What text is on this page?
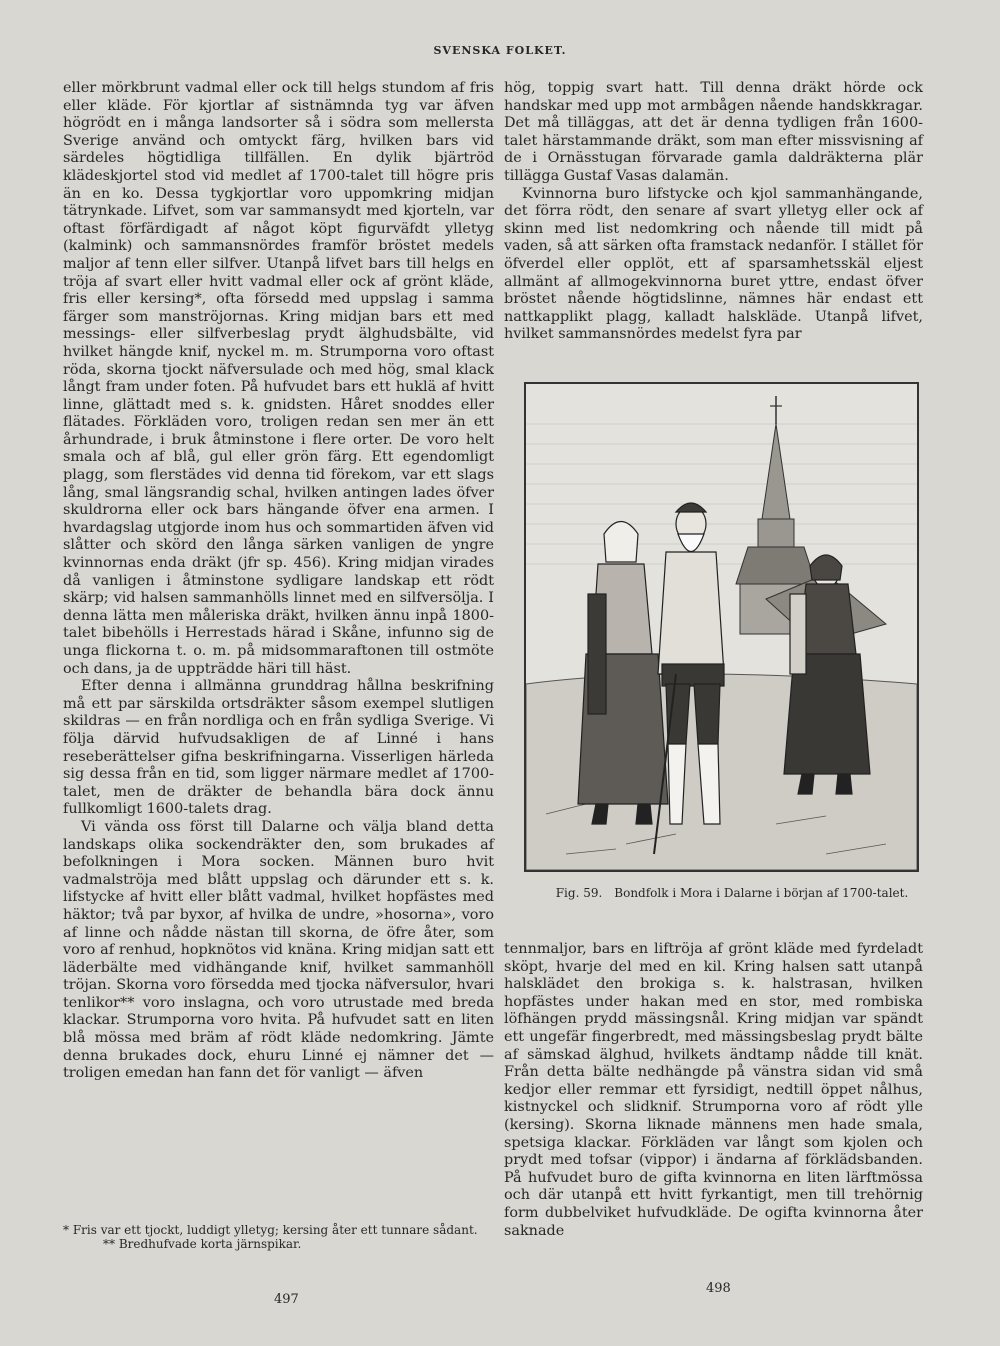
SVENSKA FOLKET.

eller mörkbrunt vadmal eller ock till helgs stundom af fris eller kläde. För kjortlar af sistnämnda tyg var äfven högrödt en i många landsorter så i södra som mellersta Sverige använd och omtyckt färg, hvilken bars vid särdeles högtidliga tillfällen. En dylik bjärtröd klädeskjortel stod vid medlet af 1700-talet till högre pris än en ko. Dessa tygkjortlar voro uppomkring midjan tätrynkade. Lifvet, som var sammansydt med kjorteln, var oftast förfärdigadt af något köpt figurväfdt ylletyg (kalmink) och sammansnördes framför bröstet medels maljor af tenn eller silfver. Utanpå lifvet bars till helgs en tröja af svart eller hvitt vadmal eller ock af grönt kläde, fris eller kersing*, ofta försedd med uppslag i samma färger som manströjornas. Kring midjan bars ett med messings- eller silfverbeslag prydt älghudsbälte, vid hvilket hängde knif, nyckel m. m. Strumporna voro oftast röda, skorna tjockt näfversulade och med hög, smal klack långt fram under foten. På hufvudet bars ett huklä af hvitt linne, glättadt med s. k. gnidsten. Håret snoddes eller flätades. Förkläden voro, troligen redan sen mer än ett århundrade, i bruk åtminstone i flere orter. De voro helt smala och af blå, gul eller grön färg. Ett egendomligt plagg, som flerstädes vid denna tid förekom, var ett slags lång, smal längsrandig schal, hvilken antingen lades öfver skuldrorna eller ock bars hängande öfver ena armen. I hvardagslag utgjorde inom hus och sommartiden äfven vid slåtter och skörd den långa särken vanligen de yngre kvinnornas enda dräkt (jfr sp. 456). Kring midjan virades då vanligen i åtminstone sydligare landskap ett rödt skärp; vid halsen sammanhölls linnet med en silfversölja. I denna lätta men måleriska dräkt, hvilken ännu inpå 1800-talet bibehölls i Herrestads härad i Skåne, infunno sig de unga flickorna t. o. m. på midsommaraftonen till ostmöte och dans, ja de uppträdde häri till häst.

Efter denna i allmänna grunddrag hållna beskrifning må ett par särskilda ortsdräkter såsom exempel slutligen skildras — en från nordliga och en från sydliga Sverige. Vi följa därvid hufvudsakligen de af Linné i hans reseberättelser gifna beskrifningarna. Visserligen härleda sig dessa från en tid, som ligger närmare medlet af 1700-talet, men de dräkter de behandla bära dock ännu fullkomligt 1600-talets drag.

Vi vända oss först till Dalarne och välja bland detta landskaps olika sockendräkter den, som brukades af befolkningen i Mora socken. Männen buro hvit vadmalströja med blått uppslag och därunder ett s. k. lifstycke af hvitt eller blått vadmal, hvilket hopfästes med häktor; två par byxor, af hvilka de undre, »hosorna», voro af linne och nådde nästan till skorna, de öfre åter, som voro af renhud, hopknötos vid knäna. Kring midjan satt ett läderbälte med vidhängande knif, hvilket sammanhöll tröjan. Skorna voro försedda med tjocka näfversulor, hvari tenlikor** voro inslagna, och voro utrustade med breda klackar. Strumporna voro hvita. På hufvudet satt en liten blå mössa med bräm af rödt kläde nedomkring. Jämte denna brukades dock, ehuru Linné ej nämner det — troligen emedan han fann det för vanligt — äfven

* Fris var ett tjockt, luddigt ylletyg; kersing åter ett tunnare sådant.
** Bredhufvade korta järnspikar.
497

hög, toppig svart hatt. Till denna dräkt hörde ock handskar med upp mot armbågen nående handskkragar. Det må tilläggas, att det är denna tydligen från 1600-talet härstammande dräkt, som man efter missvisning af de i Ornässtugan förvarade gamla daldräkterna plär tillägga Gustaf Vasas dalamän.

Kvinnorna buro lifstycke och kjol sammanhängande, det förra rödt, den senare af svart ylletyg eller ock af skinn med list nedomkring och nående till midt på vaden, så att särken ofta framstack nedanför. I stället för öfverdel eller opplöt, ett af sparsamhetsskäl eljest allmänt af allmogekvinnorna buret yttre, endast öfver bröstet nående högtidslinne, nämnes här endast ett nattkapplikt plagg, kalladt halskläde. Utanpå lifvet, hvilket sammansnördes medelst fyra par

Fig. 59. Bondfolk i Mora i Dalarne i början af 1700-talet.

tennmaljor, bars en liftröja af grönt kläde med fyrdeladt sköрt, hvarje del med en kil. Kring halsen satt utanpå halsklädet den brokiga s. k. halstrasan, hvilken hopfästes under hakan med en stor, med rombiska löfhängen prydd mässingsnål. Kring midjan var spändt ett ungefär fingerbredt, med mässingsbeslag prydt bälte af sämskad älghud, hvilkets ändtamp nådde till knät. Från detta bälte nedhängde på vänstra sidan vid små kedjor eller remmar ett fyrsidigt, nedtill öppet nålhus, kistnyckel och slidknif. Strumporna voro af rödt ylle (kersing). Skorna liknade männens men hade smala, spetsiga klackar. Förkläden var långt som kjolen och prydt med tofsar (vippor) i ändarna af förklädsbanden. På hufvudet buro de gifta kvinnorna en liten lärftmössa och där utanpå ett hvitt fyrkantigt, men till trehörnig form dubbelviket hufvudkläde. De ogifta kvinnorna åter saknade

498
